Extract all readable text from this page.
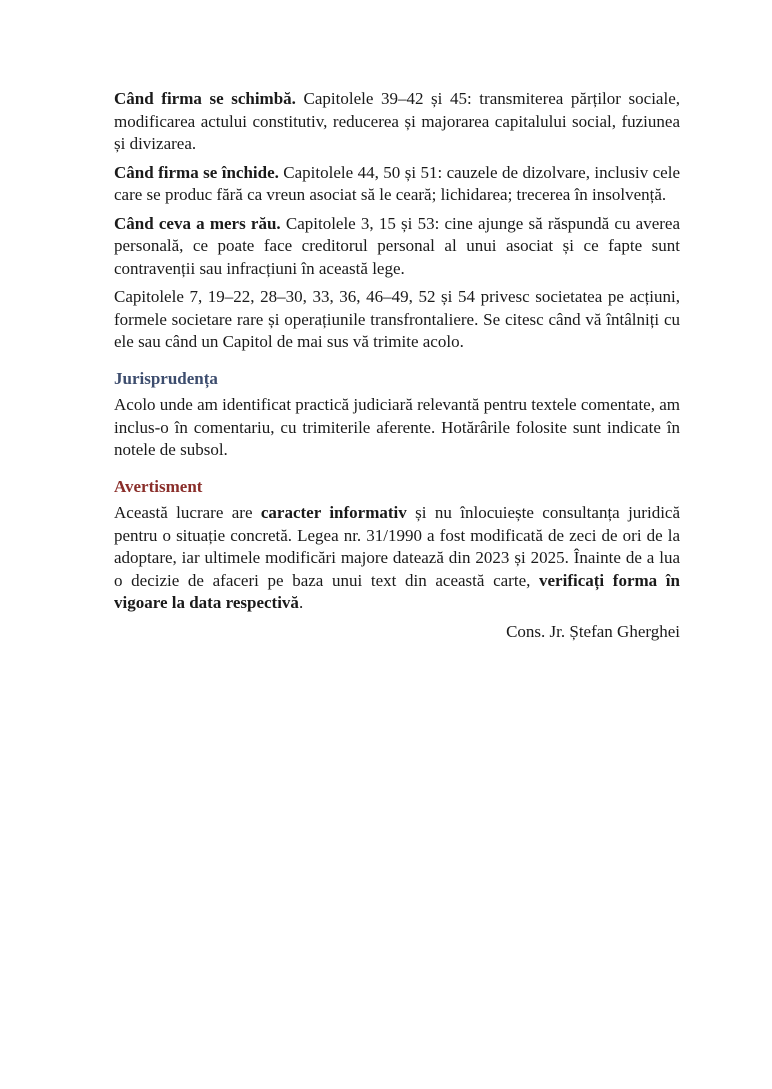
Când firma se schimbă. Capitolele 39–42 și 45: transmiterea părților sociale, modificarea actului constitutiv, reducerea și majorarea capitalului social, fuziunea și divizarea.

Când firma se închide. Capitolele 44, 50 și 51: cauzele de dizolvare, inclusiv cele care se produc fără ca vreun asociat să le ceară; lichidarea; trecerea în insolvență.

Când ceva a mers rău. Capitolele 3, 15 și 53: cine ajunge să răspundă cu averea personală, ce poate face creditorul personal al unui asociat și ce fapte sunt contravenții sau infracțiuni în această lege.

Capitolele 7, 19–22, 28–30, 33, 36, 46–49, 52 și 54 privesc societatea pe acțiuni, formele societare rare și operațiunile transfrontaliere. Se citesc când vă întâlniți cu ele sau când un Capitol de mai sus vă trimite acolo.

Jurisprudența

Acolo unde am identificat practică judiciară relevantă pentru textele comentate, am inclus-o în comentariu, cu trimiterile aferente. Hotărârile folosite sunt indicate în notele de subsol.

Avertisment

Această lucrare are caracter informativ și nu înlocuiește consultanța juridică pentru o situație concretă. Legea nr. 31/1990 a fost modificată de zeci de ori de la adoptare, iar ultimele modificări majore datează din 2023 și 2025. Înainte de a lua o decizie de afaceri pe baza unui text din această carte, verificați forma în vigoare la data respectivă.

Cons. Jr. Ștefan Gherghei
